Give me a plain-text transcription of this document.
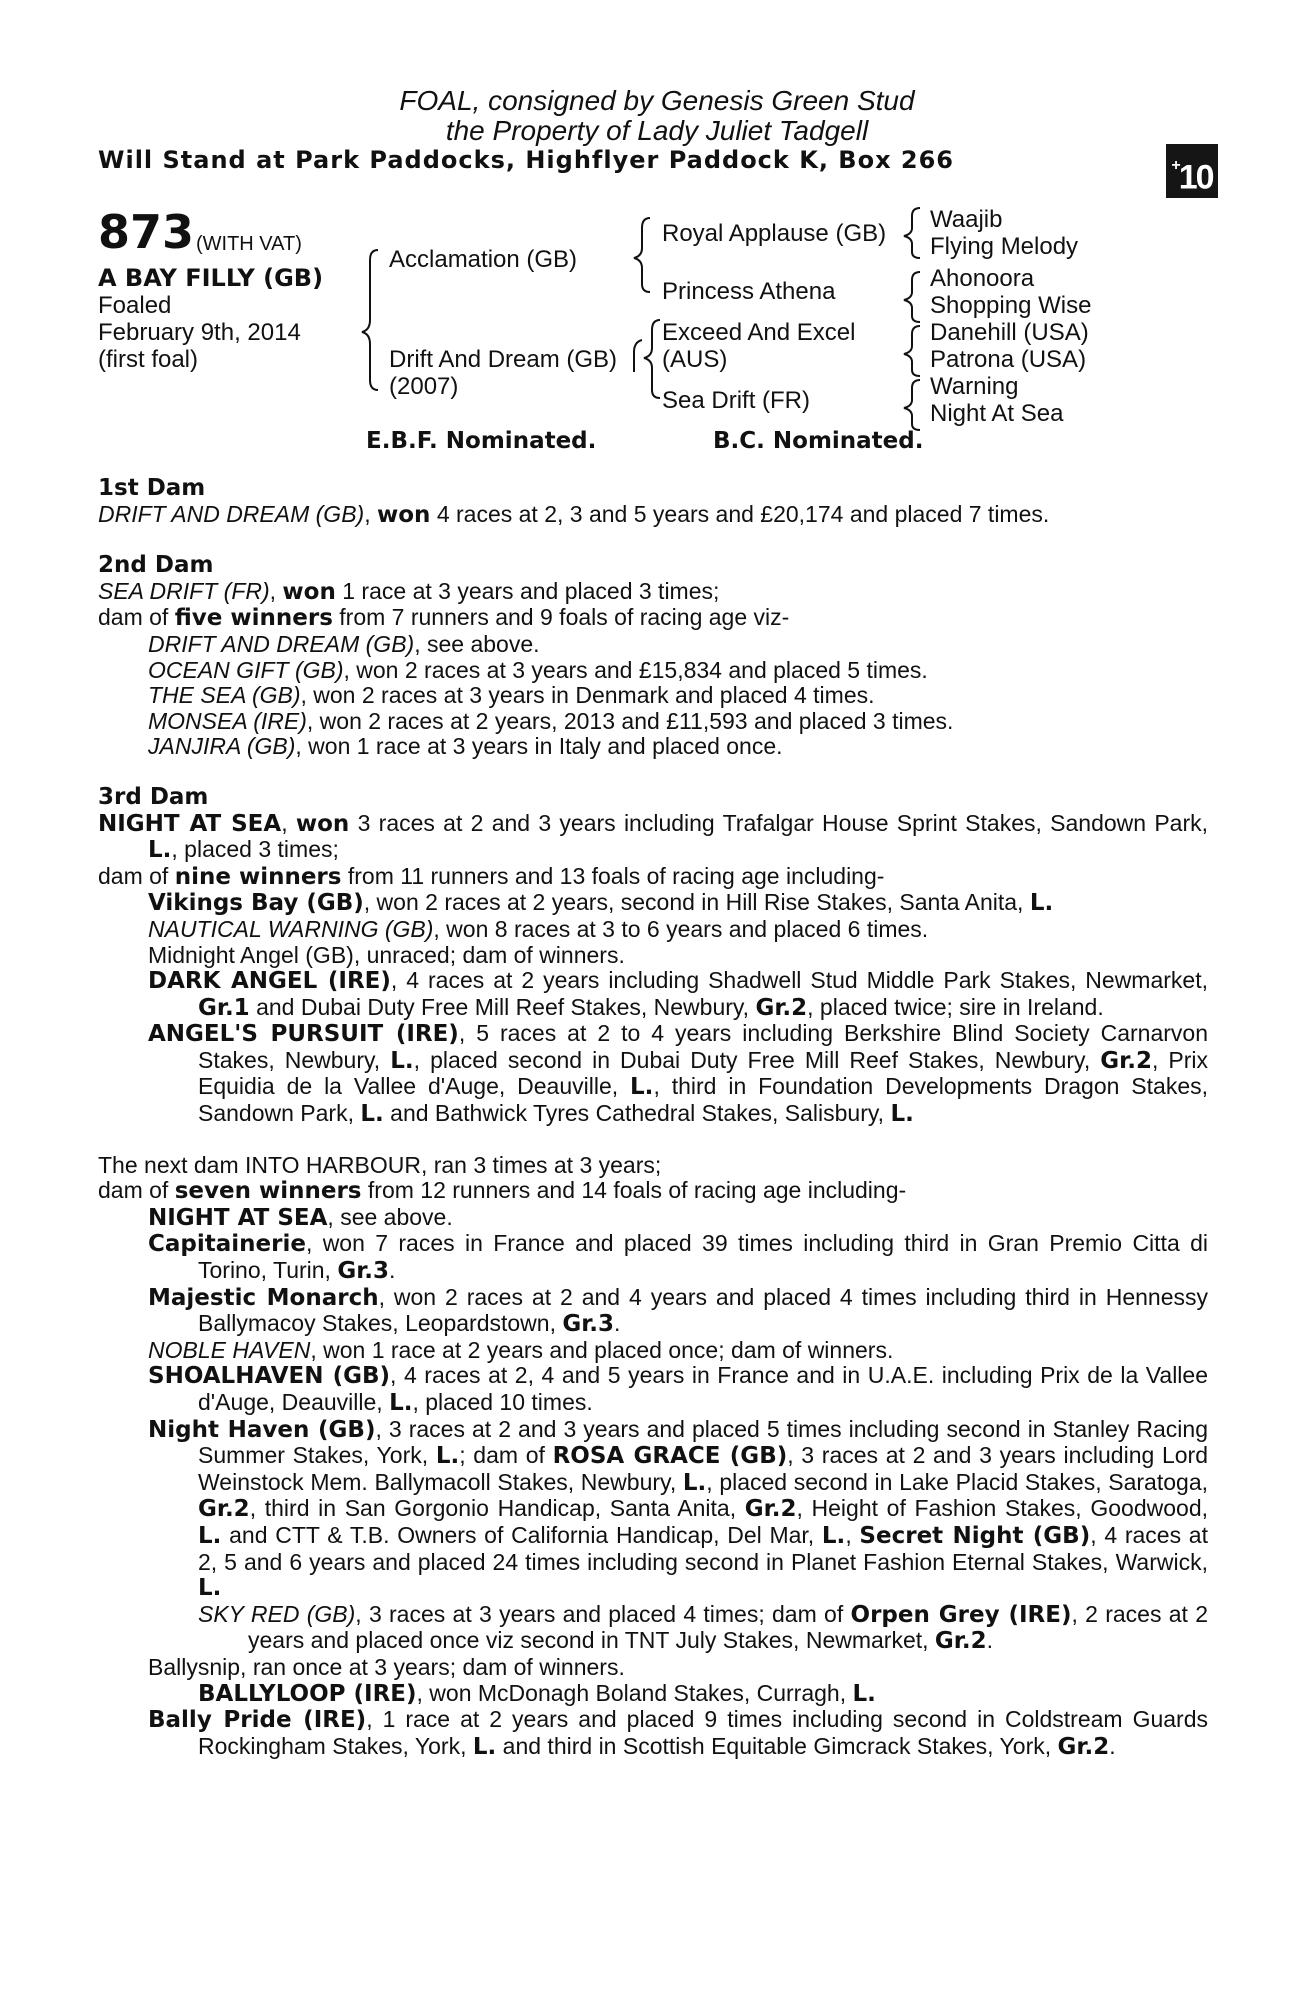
FOAL, consigned by Genesis Green Stud
the Property of Lady Juliet Tadgell
Will Stand at Park Paddocks, Highflyer Paddock K, Box 266	+10
873 (WITH VAT)
A BAY FILLY (GB)
Foaled
February 9th, 2014
(first foal)
Acclamation (GB)
Drift And Dream (GB)
(2007)
Royal Applause (GB)
Princess Athena
Exceed And Excel
(AUS)
Sea Drift (FR)
Waajib
Flying Melody
Ahonoora
Shopping Wise
Danehill (USA)
Patrona (USA)
Warning
Night At Sea
E.B.F. Nominated.	B.C. Nominated.

1st Dam

DRIFT AND DREAM (GB), won 4 races at 2, 3 and 5 years and £20,174 and placed 7 times.

2nd Dam

SEA DRIFT (FR), won 1 race at 3 years and placed 3 times;

dam of five winners from 7 runners and 9 foals of racing age viz-

DRIFT AND DREAM (GB), see above.

OCEAN GIFT (GB), won 2 races at 3 years and £15,834 and placed 5 times.

THE SEA (GB), won 2 races at 3 years in Denmark and placed 4 times.

MONSEA (IRE), won 2 races at 2 years, 2013 and £11,593 and placed 3 times.

JANJIRA (GB), won 1 race at 3 years in Italy and placed once.

3rd Dam

NIGHT AT SEA, won 3 races at 2 and 3 years including Trafalgar House Sprint Stakes, Sandown Park, L., placed 3 times;

dam of nine winners from 11 runners and 13 foals of racing age including-

Vikings Bay (GB), won 2 races at 2 years, second in Hill Rise Stakes, Santa Anita, L.

NAUTICAL WARNING (GB), won 8 races at 3 to 6 years and placed 6 times.

Midnight Angel (GB), unraced; dam of winners.

DARK ANGEL (IRE), 4 races at 2 years including Shadwell Stud Middle Park Stakes, Newmarket, Gr.1 and Dubai Duty Free Mill Reef Stakes, Newbury, Gr.2, placed twice; sire in Ireland.

ANGEL'S PURSUIT (IRE), 5 races at 2 to 4 years including Berkshire Blind Society Carnarvon Stakes, Newbury, L., placed second in Dubai Duty Free Mill Reef Stakes, Newbury, Gr.2, Prix Equidia de la Vallee d'Auge, Deauville, L., third in Foundation Developments Dragon Stakes, Sandown Park, L. and Bathwick Tyres Cathedral Stakes, Salisbury, L.

The next dam INTO HARBOUR, ran 3 times at 3 years;

dam of seven winners from 12 runners and 14 foals of racing age including-

NIGHT AT SEA, see above.

Capitainerie, won 7 races in France and placed 39 times including third in Gran Premio Citta di Torino, Turin, Gr.3.

Majestic Monarch, won 2 races at 2 and 4 years and placed 4 times including third in Hennessy Ballymacoy Stakes, Leopardstown, Gr.3.

NOBLE HAVEN, won 1 race at 2 years and placed once; dam of winners.

SHOALHAVEN (GB), 4 races at 2, 4 and 5 years in France and in U.A.E. including Prix de la Vallee d'Auge, Deauville, L., placed 10 times.

Night Haven (GB), 3 races at 2 and 3 years and placed 5 times including second in Stanley Racing Summer Stakes, York, L.; dam of ROSA GRACE (GB), 3 races at 2 and 3 years including Lord Weinstock Mem. Ballymacoll Stakes, Newbury, L., placed second in Lake Placid Stakes, Saratoga, Gr.2, third in San Gorgonio Handicap, Santa Anita, Gr.2, Height of Fashion Stakes, Goodwood, L. and CTT & T.B. Owners of California Handicap, Del Mar, L., Secret Night (GB), 4 races at 2, 5 and 6 years and placed 24 times including second in Planet Fashion Eternal Stakes, Warwick, L.

SKY RED (GB), 3 races at 3 years and placed 4 times; dam of Orpen Grey (IRE), 2 races at 2 years and placed once viz second in TNT July Stakes, Newmarket, Gr.2.

Ballysnip, ran once at 3 years; dam of winners.

BALLYLOOP (IRE), won McDonagh Boland Stakes, Curragh, L.

Bally Pride (IRE), 1 race at 2 years and placed 9 times including second in Coldstream Guards Rockingham Stakes, York, L. and third in Scottish Equitable Gimcrack Stakes, York, Gr.2.
